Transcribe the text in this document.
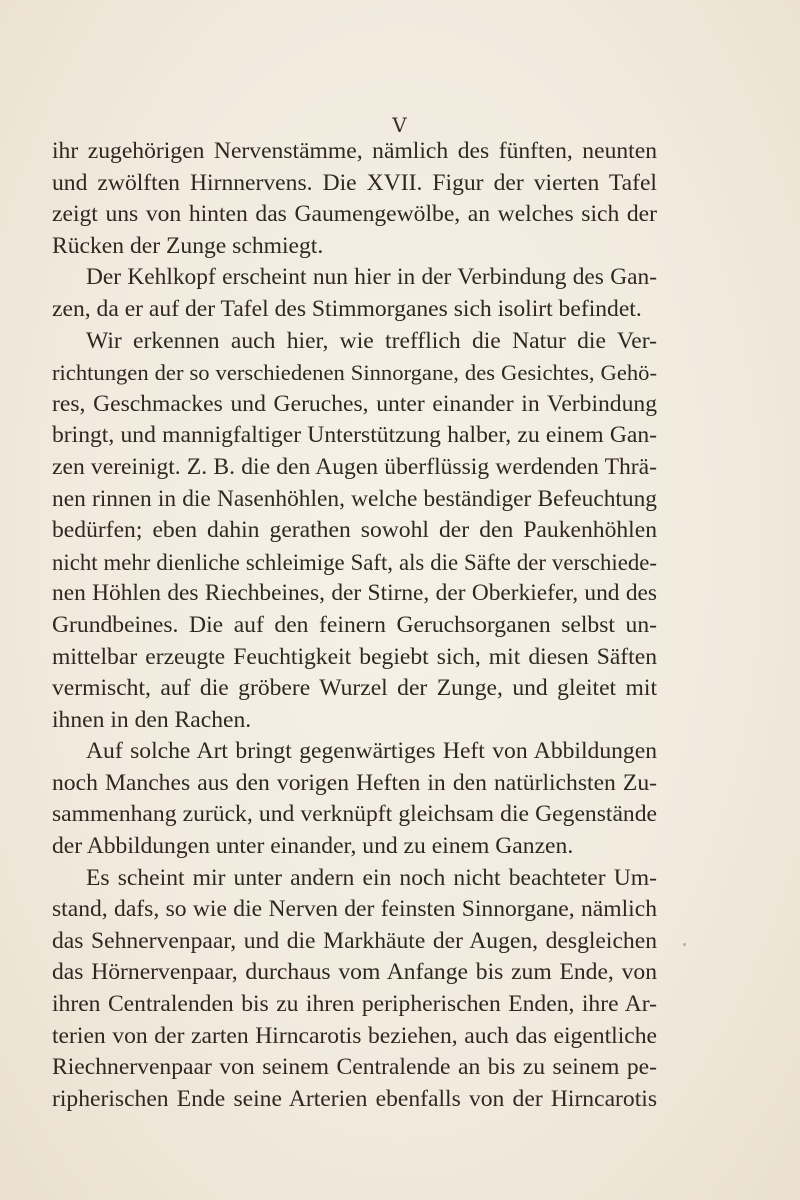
V
ihr zugehörigen Nervenstämme, nämlich des fünften, neunten
und zwölften Hirnnervens. Die XVII. Figur der vierten Tafel
zeigt uns von hinten das Gaumengewölbe, an welches sich der
Rücken der Zunge schmiegt.
Der Kehlkopf erscheint nun hier in der Verbindung des Gan-
zen, da er auf der Tafel des Stimmorganes sich isolirt befindet.
Wir erkennen auch hier, wie trefflich die Natur die Ver-
richtungen der so verschiedenen Sinnorgane, des Gesichtes, Gehö-
res, Geschmackes und Geruches, unter einander in Verbindung
bringt, und mannigfaltiger Unterstützung halber, zu einem Gan-
zen vereinigt. Z. B. die den Augen überflüssig werdenden Thrä-
nen rinnen in die Nasenhöhlen, welche beständiger Befeuchtung
bedürfen; eben dahin gerathen sowohl der den Paukenhöhlen
nicht mehr dienliche schleimige Saft, als die Säfte der verschiede-
nen Höhlen des Riechbeines, der Stirne, der Oberkiefer, und des
Grundbeines. Die auf den feinern Geruchsorganen selbst un-
mittelbar erzeugte Feuchtigkeit begiebt sich, mit diesen Säften
vermischt, auf die gröbere Wurzel der Zunge, und gleitet mit
ihnen in den Rachen.
Auf solche Art bringt gegenwärtiges Heft von Abbildungen
noch Manches aus den vorigen Heften in den natürlichsten Zu-
sammenhang zurück, und verknüpft gleichsam die Gegenstände
der Abbildungen unter einander, und zu einem Ganzen.
Es scheint mir unter andern ein noch nicht beachteter Um-
stand, dafs, so wie die Nerven der feinsten Sinnorgane, nämlich
das Sehnervenpaar, und die Markhäute der Augen, desgleichen
das Hörnervenpaar, durchaus vom Anfange bis zum Ende, von
ihren Centralenden bis zu ihren peripherischen Enden, ihre Ar-
terien von der zarten Hirncarotis beziehen, auch das eigentliche
Riechnervenpaar von seinem Centralende an bis zu seinem pe-
ripherischen Ende seine Arterien ebenfalls von der Hirncarotis
